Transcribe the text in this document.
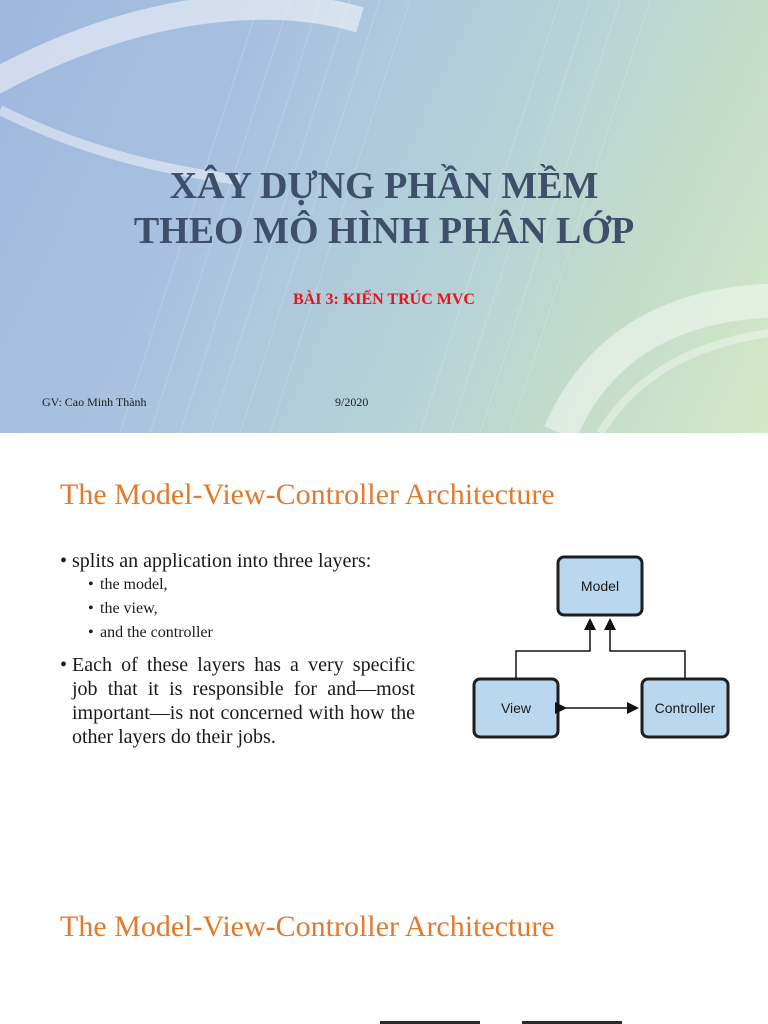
XÂY DỰNG PHẦN MỀM
THEO MÔ HÌNH PHÂN LỚP
BÀI 3: KIẾN TRÚC MVC
GV: Cao Minh Thành	9/2020
The Model-View-Controller Architecture

• splits an application into three layers:

• the model,

• the view,

• and the controller

• Each of these layers has a very specific job that it is responsible for and—most important—is not concerned with how the other layers do their jobs.

Model
View	Controller
The Model-View-Controller Architecture
